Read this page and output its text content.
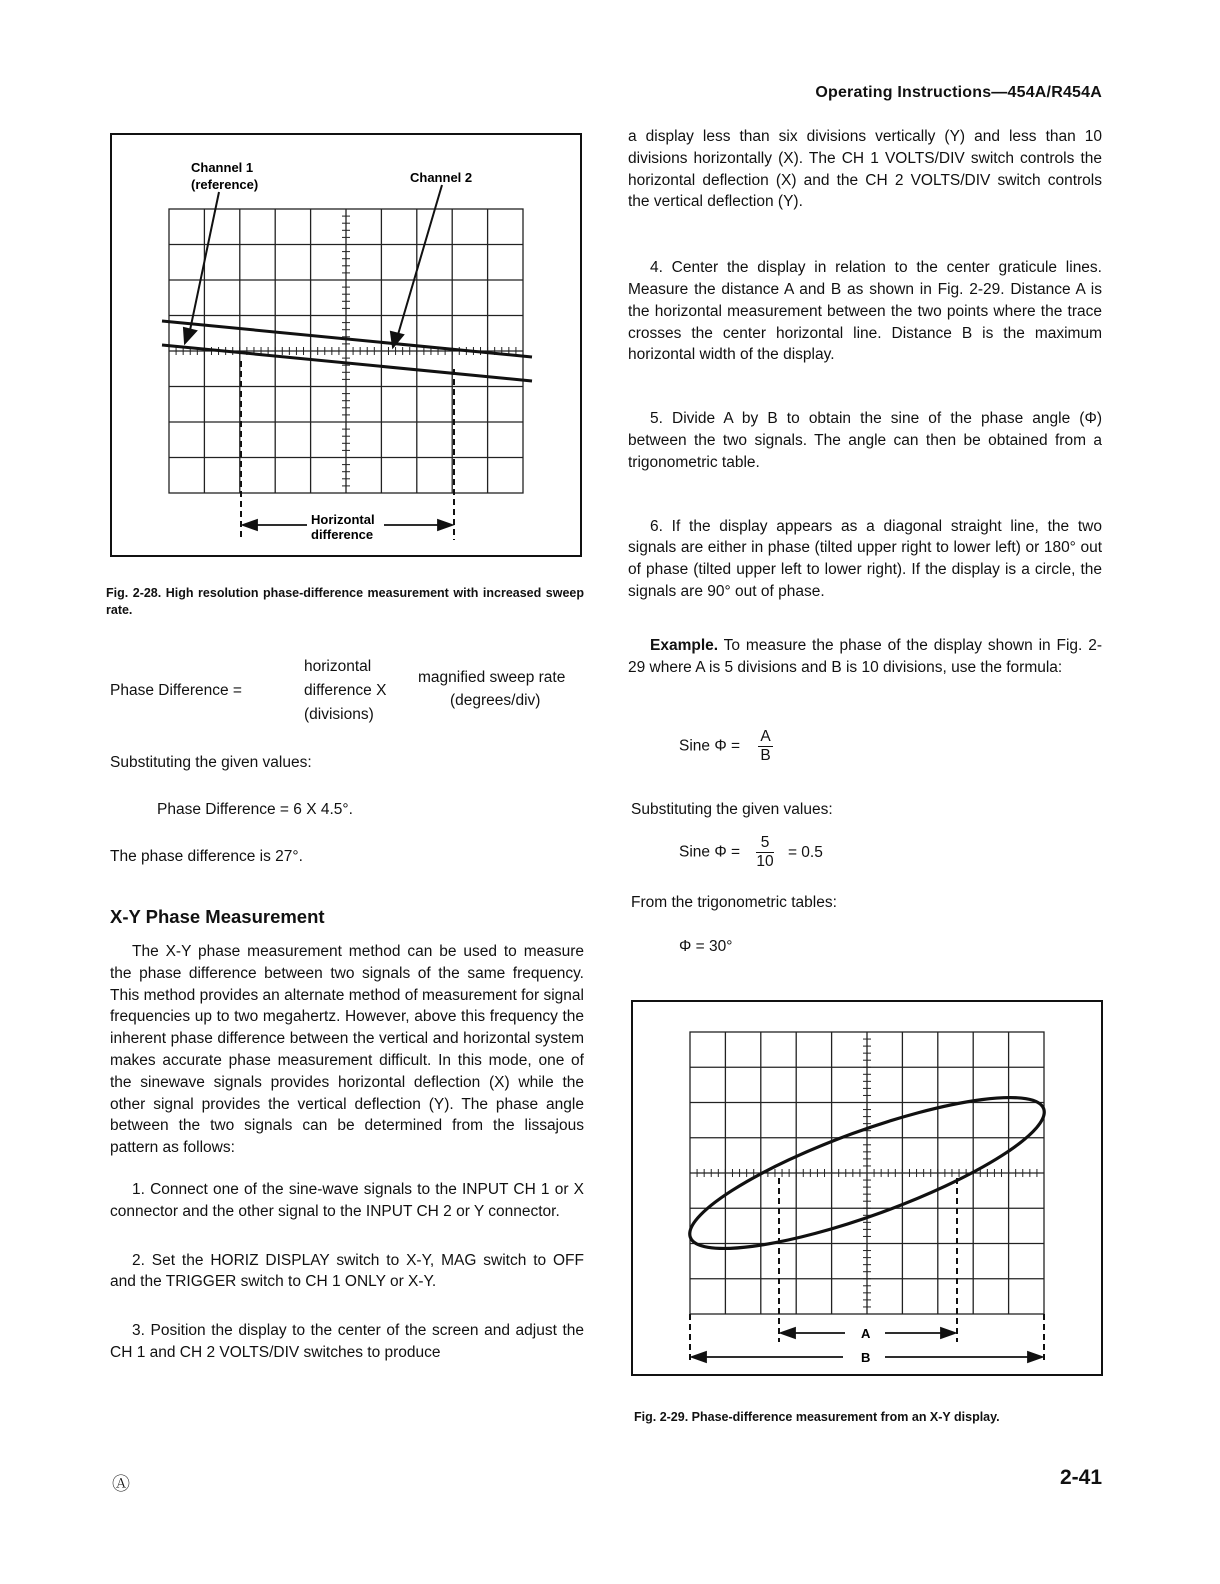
Operating Instructions—454A/R454A
Channel 1
(reference)	Channel 2
Horizontal
difference
Fig. 2-28. High resolution phase-difference measurement with increased sweep rate.
Phase Difference =
horizontal
difference X
(divisions)
magnified sweep rate
(degrees/div)
Substituting the given values:
Phase Difference = 6 X 4.5°.
The phase difference is 27°.
X-Y Phase Measurement

The X-Y phase measurement method can be used to measure the phase difference between two signals of the same frequency. This method provides an alternate method of measurement for signal frequencies up to two megahertz. However, above this frequency the inherent phase difference between the vertical and horizontal system makes accurate phase measurement difficult. In this mode, one of the sinewave signals provides horizontal deflection (X) while the other signal provides the vertical deflection (Y). The phase angle between the two signals can be determined from the lissajous pattern as follows:

1. Connect one of the sine-wave signals to the INPUT CH 1 or X connector and the other signal to the INPUT CH 2 or Y connector.

2. Set the HORIZ DISPLAY switch to X-Y, MAG switch to OFF and the TRIGGER switch to CH 1 ONLY or X-Y.

3. Position the display to the center of the screen and adjust the CH 1 and CH 2 VOLTS/DIV switches to produce

a display less than six divisions vertically (Y) and less than 10 divisions horizontally (X). The CH 1 VOLTS/DIV switch controls the horizontal deflection (X) and the CH 2 VOLTS/DIV switch controls the vertical deflection (Y).

4. Center the display in relation to the center graticule lines. Measure the distance A and B as shown in Fig. 2-29. Distance A is the horizontal measurement between the two points where the trace crosses the center horizontal line. Distance B is the maximum horizontal width of the display.

5. Divide A by B to obtain the sine of the phase angle (Φ) between the two signals. The angle can then be obtained from a trigonometric table.

6. If the display appears as a diagonal straight line, the two signals are either in phase (tilted upper right to lower left) or 180° out of phase (tilted upper left to lower right). If the display is a circle, the signals are 90° out of phase.

Example. To measure the phase of the display shown in Fig. 2-29 where A is 5 divisions and B is 10 divisions, use the formula:

Sine $\Phi = \frac{A}{B}$
Substituting the given values:
Sine $\Phi = \frac{5}{10} = 0.5$
From the trigonometric tables:
Φ = 30°
A
B
Fig. 2-29. Phase-difference measurement from an X-Y display.
Ⓐ	2-41
